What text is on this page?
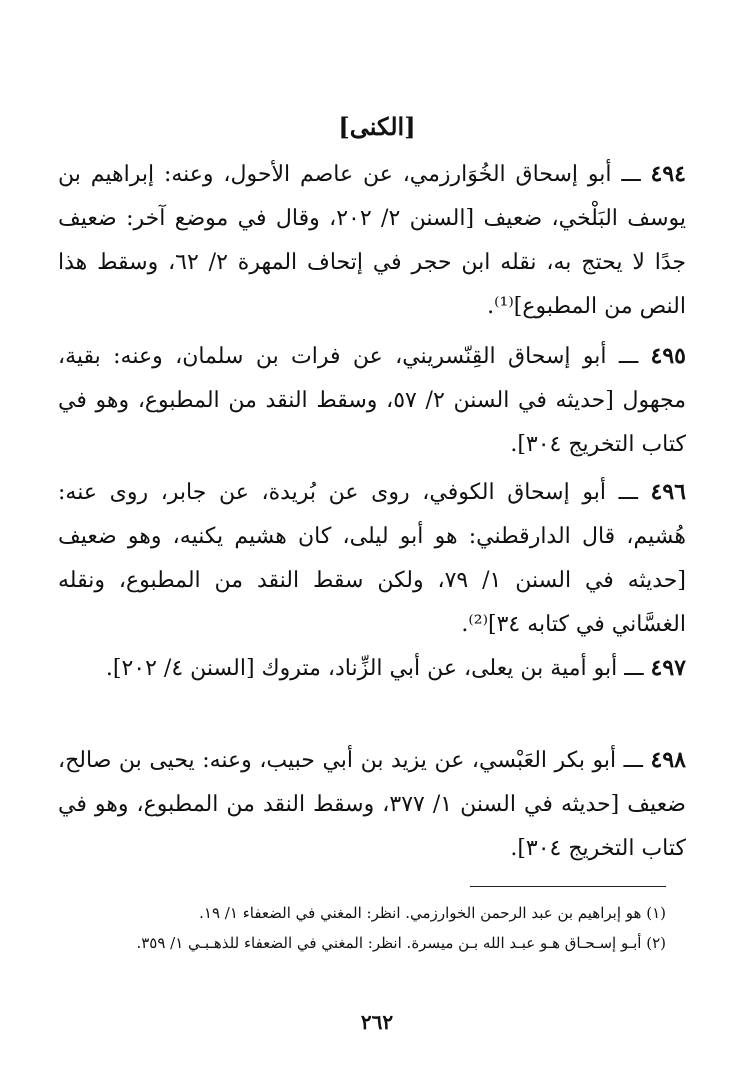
[الكنى]

٤٩٤ ـــ أبو إسحاق الخُوَارزمي، عن عاصم الأحول، وعنه: إبراهيم بن يوسف البَلْخي، ضعيف [السنن ٢/ ٢٠٢، وقال في موضع آخر: ضعيف جدًا لا يحتج به، نقله ابن حجر في إتحاف المهرة ٢/ ٦٢، وسقط هذا النص من المطبوع]⁽¹⁾.

٤٩٥ ـــ أبو إسحاق القِنّسريني، عن فرات بن سلمان، وعنه: بقية، مجهول [حديثه في السنن ٢/ ٥٧، وسقط النقد من المطبوع، وهو في كتاب التخريج ٣٠٤].

٤٩٦ ـــ أبو إسحاق الكوفي، روى عن بُريدة، عن جابر، روى عنه: هُشيم، قال الدارقطني: هو أبو ليلى، كان هشيم يكنيه، وهو ضعيف [حديثه في السنن ١/ ٧٩، ولكن سقط النقد من المطبوع، ونقله الغسَّاني في كتابه ٣٤]⁽²⁾.

٤٩٧ ـــ أبو أمية بن يعلى، عن أبي الزِّناد، متروك [السنن ٤/ ٢٠٢].

٤٩٨ ـــ أبو بكر العَبْسي، عن يزيد بن أبي حبيب، وعنه: يحيى بن صالح، ضعيف [حديثه في السنن ١/ ٣٧٧، وسقط النقد من المطبوع، وهو في كتاب التخريج ٣٠٤].

(١) هو إبراهيم بن عبد الرحمن الخوارزمي. انظر: المغني في الضعفاء ١/ ١٩.

(٢) أبـو إسـحـاق هـو عبـد الله بـن ميسرة. انظر: المغني في الضعفاء للذهـبـي ١/ ٣٥٩.

٢٦٢
